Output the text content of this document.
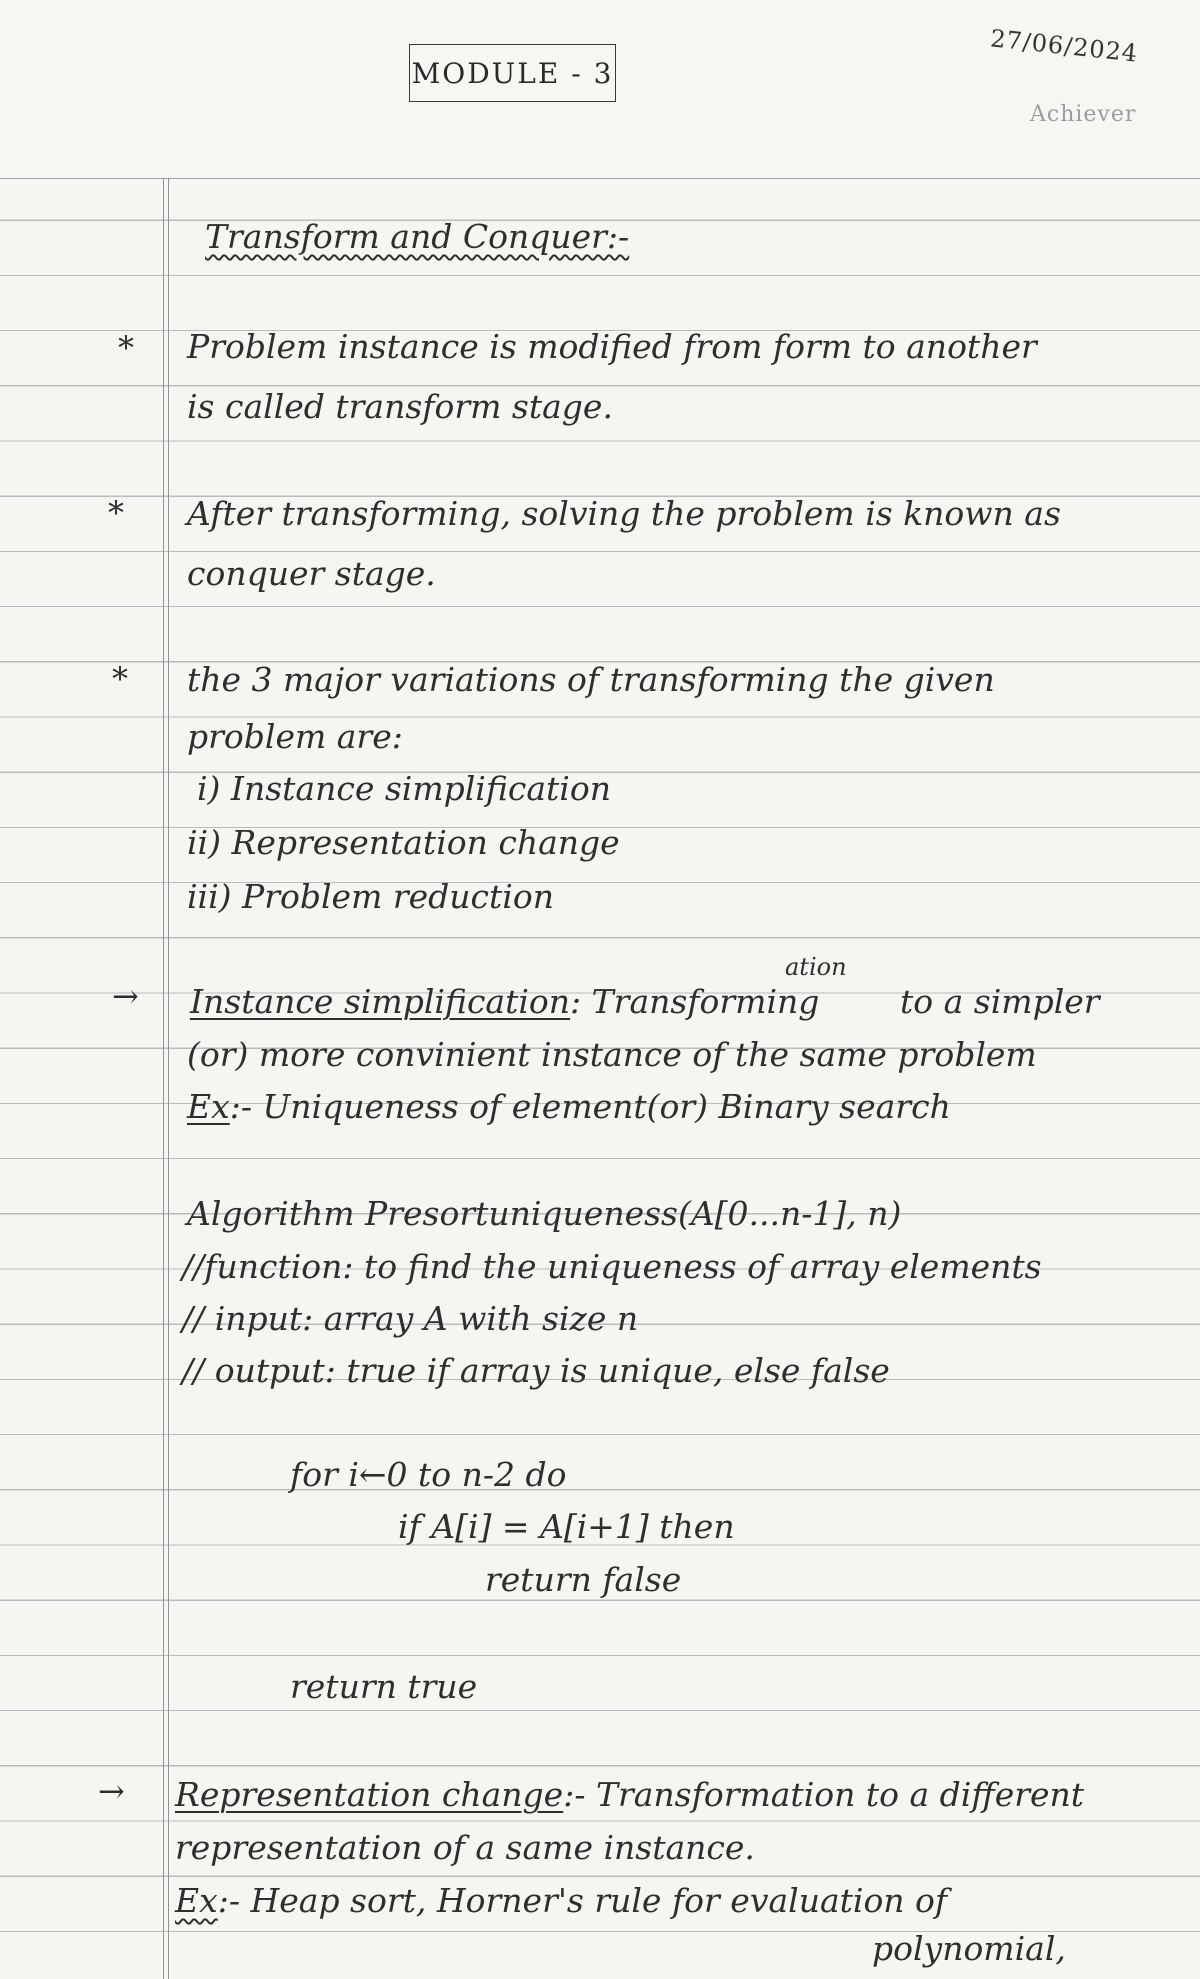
MODULE - 3
27/06/2024
Achiever
Transform and Conquer:-
* Problem instance is modified from form to another
is called transform stage.
* After transforming, solving the problem is known as
conquer stage.
* the 3 major variations of transforming the given
problem are:
i) Instance simplification
ii) Representation change
iii) Problem reduction
→
ation
Instance simplification: Transforming to a simpler
(or) more convinient instance of the same problem
Ex:- Uniqueness of element(or) Binary search
Algorithm Presortuniqueness(A[0...n-1], n)
//function: to find the uniqueness of array elements
// input: array A with size n
// output: true if array is unique, else false
for i←0 to n-2 do
if A[i] = A[i+1] then
return false
return true
→ Representation change:- Transformation to a different
representation of a same instance.
Ex:- Heap sort, Horner's rule for evaluation of
polynomial,
